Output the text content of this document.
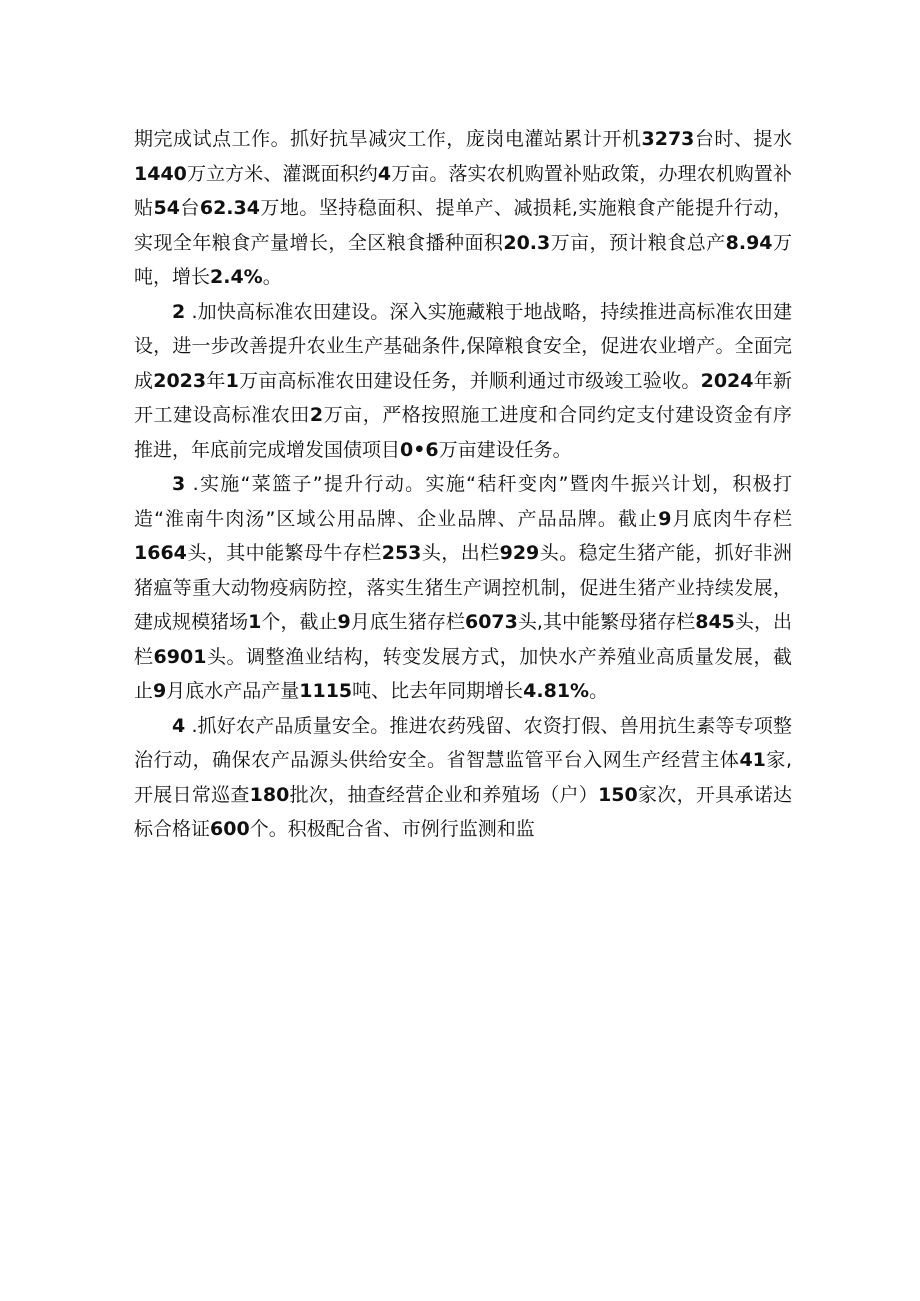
期完成试点工作。抓好抗旱减灾工作，庞岗电灌站累计开机3273台时、提水1440万立方米、灌溉面积约4万亩。落实农机购置补贴政策，办理农机购置补贴54台62.34万地。坚持稳面积、提单产、减损耗,实施粮食产能提升行动，实现全年粮食产量增长，全区粮食播种面积20.3万亩，预计粮食总产8.94万吨，增长2.4%。

2 .加快高标准农田建设。深入实施藏粮于地战略，持续推进高标准农田建设，进一步改善提升农业生产基础条件,保障粮食安全，促进农业增产。全面完成2023年1万亩高标准农田建设任务，并顺利通过市级竣工验收。2024年新开工建设高标准农田2万亩，严格按照施工进度和合同约定支付建设资金有序推进，年底前完成增发国债项目0•6万亩建设任务。

3 .实施“菜篮子”提升行动。实施“秸秆变肉”暨肉牛振兴计划，积极打造“淮南牛肉汤”区域公用品牌、企业品牌、产品品牌。截止9月底肉牛存栏1664头，其中能繁母牛存栏253头，出栏929头。稳定生猪产能，抓好非洲猪瘟等重大动物疫病防控，落实生猪生产调控机制，促进生猪产业持续发展，建成规模猪场1个，截止9月底生猪存栏6073头,其中能繁母猪存栏845头，出栏6901头。调整渔业结构，转变发展方式，加快水产养殖业高质量发展，截止9月底水产品产量1115吨、比去年同期增长4.81%。

4 .抓好农产品质量安全。推进农药残留、农资打假、兽用抗生素等专项整治行动，确保农产品源头供给安全。省智慧监管平台入网生产经营主体41家,开展日常巡查180批次，抽查经营企业和养殖场（户）150家次，开具承诺达标合格证600个。积极配合省、市例行监测和监
